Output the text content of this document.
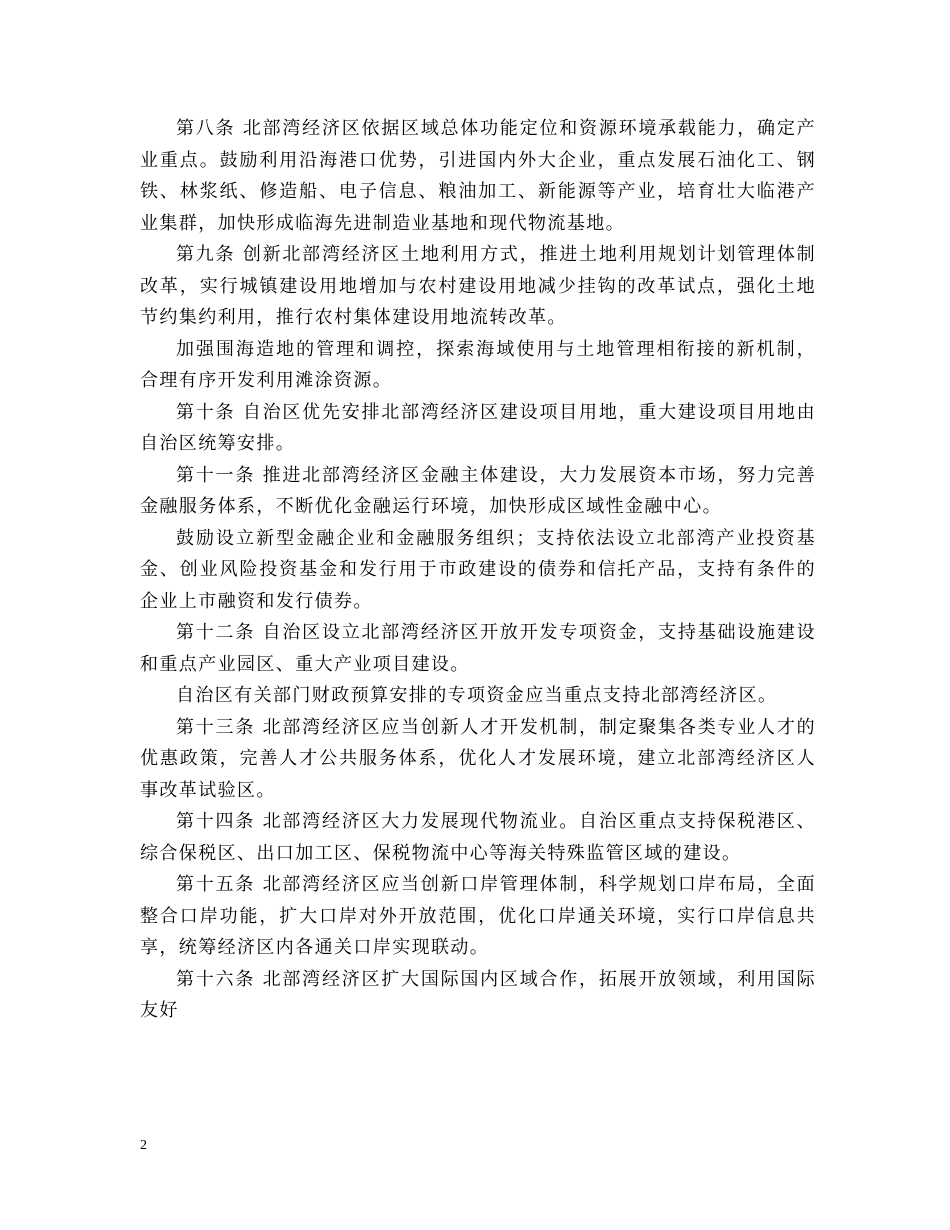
第八条 北部湾经济区依据区域总体功能定位和资源环境承载能力，确定产业重点。鼓励利用沿海港口优势，引进国内外大企业，重点发展石油化工、钢铁、林浆纸、修造船、电子信息、粮油加工、新能源等产业，培育壮大临港产业集群，加快形成临海先进制造业基地和现代物流基地。

第九条 创新北部湾经济区土地利用方式，推进土地利用规划计划管理体制改革，实行城镇建设用地增加与农村建设用地减少挂钩的改革试点，强化土地节约集约利用，推行农村集体建设用地流转改革。

加强围海造地的管理和调控，探索海域使用与土地管理相衔接的新机制，合理有序开发利用滩涂资源。

第十条 自治区优先安排北部湾经济区建设项目用地，重大建设项目用地由自治区统筹安排。

第十一条 推进北部湾经济区金融主体建设，大力发展资本市场，努力完善金融服务体系，不断优化金融运行环境，加快形成区域性金融中心。

鼓励设立新型金融企业和金融服务组织；支持依法设立北部湾产业投资基金、创业风险投资基金和发行用于市政建设的债券和信托产品，支持有条件的企业上市融资和发行债券。

第十二条 自治区设立北部湾经济区开放开发专项资金，支持基础设施建设和重点产业园区、重大产业项目建设。

自治区有关部门财政预算安排的专项资金应当重点支持北部湾经济区。

第十三条 北部湾经济区应当创新人才开发机制，制定聚集各类专业人才的优惠政策，完善人才公共服务体系，优化人才发展环境，建立北部湾经济区人事改革试验区。

第十四条 北部湾经济区大力发展现代物流业。自治区重点支持保税港区、综合保税区、出口加工区、保税物流中心等海关特殊监管区域的建设。

第十五条 北部湾经济区应当创新口岸管理体制，科学规划口岸布局，全面整合口岸功能，扩大口岸对外开放范围，优化口岸通关环境，实行口岸信息共享，统筹经济区内各通关口岸实现联动。

第十六条 北部湾经济区扩大国际国内区域合作，拓展开放领域，利用国际友好

2
